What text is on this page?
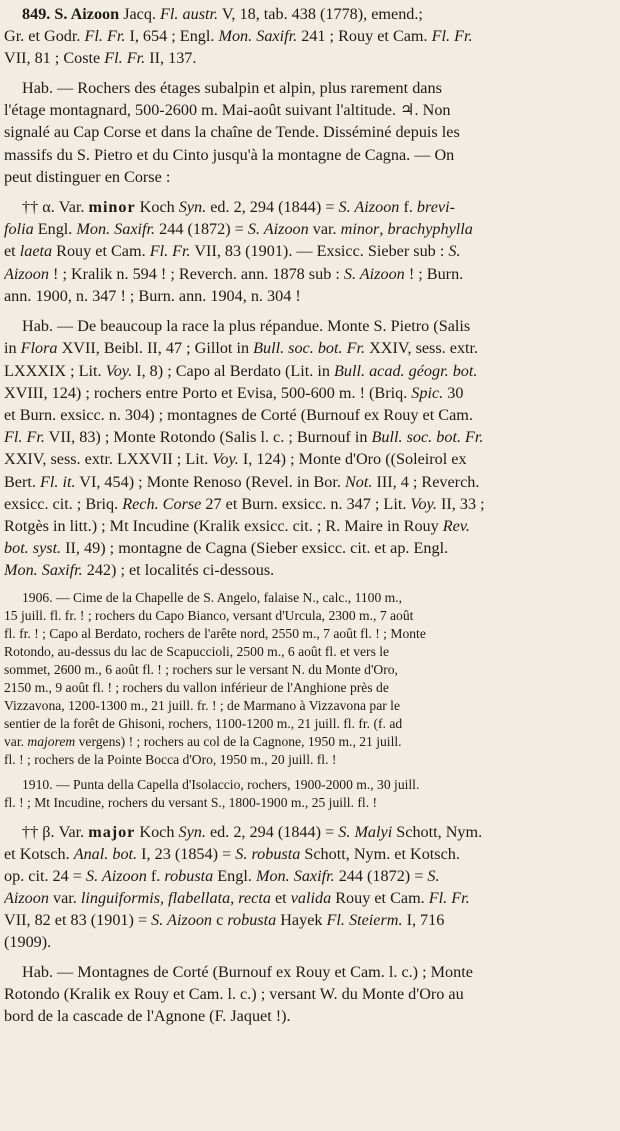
849. S. Aizoon Jacq. Fl. austr. V, 18, tab. 438 (1778), emend.;
Gr. et Godr. Fl. Fr. I, 654 ; Engl. Mon. Saxifr. 241 ; Rouy et Cam. Fl. Fr.
VII, 81 ; Coste Fl. Fr. II, 137.
Hab. — Rochers des étages subalpin et alpin, plus rarement dans
l'étage montagnard, 500-2600 m. Mai-août suivant l'altitude. ♃. Non
signalé au Cap Corse et dans la chaîne de Tende. Disséminé depuis les
massifs du S. Pietro et du Cinto jusqu'à la montagne de Cagna. — On
peut distinguer en Corse :
†† α. Var. minor Koch Syn. ed. 2, 294 (1844) = S. Aizoon f. brevi-
folia Engl. Mon. Saxifr. 244 (1872) = S. Aizoon var. minor, brachyphylla
et laeta Rouy et Cam. Fl. Fr. VII, 83 (1901). — Exsicc. Sieber sub : S.
Aizoon ! ; Kralik n. 594 ! ; Reverch. ann. 1878 sub : S. Aizoon ! ; Burn.
ann. 1900, n. 347 ! ; Burn. ann. 1904, n. 304 !
Hab. — De beaucoup la race la plus répandue. Monte S. Pietro (Salis
in Flora XVII, Beibl. II, 47 ; Gillot in Bull. soc. bot. Fr. XXIV, sess. extr.
LXXXIX ; Lit. Voy. I, 8) ; Capo al Berdato (Lit. in Bull. acad. géogr. bot.
XVIII, 124) ; rochers entre Porto et Evisa, 500-600 m. ! (Briq. Spic. 30
et Burn. exsicc. n. 304) ; montagnes de Corté (Burnouf ex Rouy et Cam.
Fl. Fr. VII, 83) ; Monte Rotondo (Salis l. c. ; Burnouf in Bull. soc. bot. Fr.
XXIV, sess. extr. LXXVII ; Lit. Voy. I, 124) ; Monte d'Oro ((Soleirol ex
Bert. Fl. it. VI, 454) ; Monte Renoso (Revel. in Bor. Not. III, 4 ; Reverch.
exsicc. cit. ; Briq. Rech. Corse 27 et Burn. exsicc. n. 347 ; Lit. Voy. II, 33 ;
Rotgès in litt.) ; Mt Incudine (Kralik exsicc. cit. ; R. Maire in Rouy Rev.
bot. syst. II, 49) ; montagne de Cagna (Sieber exsicc. cit. et ap. Engl.
Mon. Saxifr. 242) ; et localités ci-dessous.
1906. — Cime de la Chapelle de S. Angelo, falaise N., calc., 1100 m.,
15 juill. fl. fr. ! ; rochers du Capo Bianco, versant d'Urcula, 2300 m., 7 août
fl. fr. ! ; Capo al Berdato, rochers de l'arête nord, 2550 m., 7 août fl. ! ; Monte
Rotondo, au-dessus du lac de Scapuccioli, 2500 m., 6 août fl. et vers le
sommet, 2600 m., 6 août fl. ! ; rochers sur le versant N. du Monte d'Oro,
2150 m., 9 août fl. ! ; rochers du vallon inférieur de l'Anghione près de
Vizzavona, 1200-1300 m., 21 juill. fr. ! ; de Marmano à Vizzavona par le
sentier de la forêt de Ghisoni, rochers, 1100-1200 m., 21 juill. fl. fr. (f. ad
var. majorem vergens) ! ; rochers au col de la Cagnone, 1950 m., 21 juill.
fl. ! ; rochers de la Pointe Bocca d'Oro, 1950 m., 20 juill. fl. !
1910. — Punta della Capella d'Isolaccio, rochers, 1900-2000 m., 30 juill.
fl. ! ; Mt Incudine, rochers du versant S., 1800-1900 m., 25 juill. fl. !
†† β. Var. major Koch Syn. ed. 2, 294 (1844) = S. Malyi Schott, Nym.
et Kotsch. Anal. bot. I, 23 (1854) = S. robusta Schott, Nym. et Kotsch.
op. cit. 24 = S. Aizoon f. robusta Engl. Mon. Saxifr. 244 (1872) = S.
Aizoon var. linguiformis, flabellata, recta et valida Rouy et Cam. Fl. Fr.
VII, 82 et 83 (1901) = S. Aizoon c robusta Hayek Fl. Steierm. I, 716
(1909).
Hab. — Montagnes de Corté (Burnouf ex Rouy et Cam. l. c.) ; Monte
Rotondo (Kralik ex Rouy et Cam. l. c.) ; versant W. du Monte d'Oro au
bord de la cascade de l'Agnone (F. Jaquet !).
